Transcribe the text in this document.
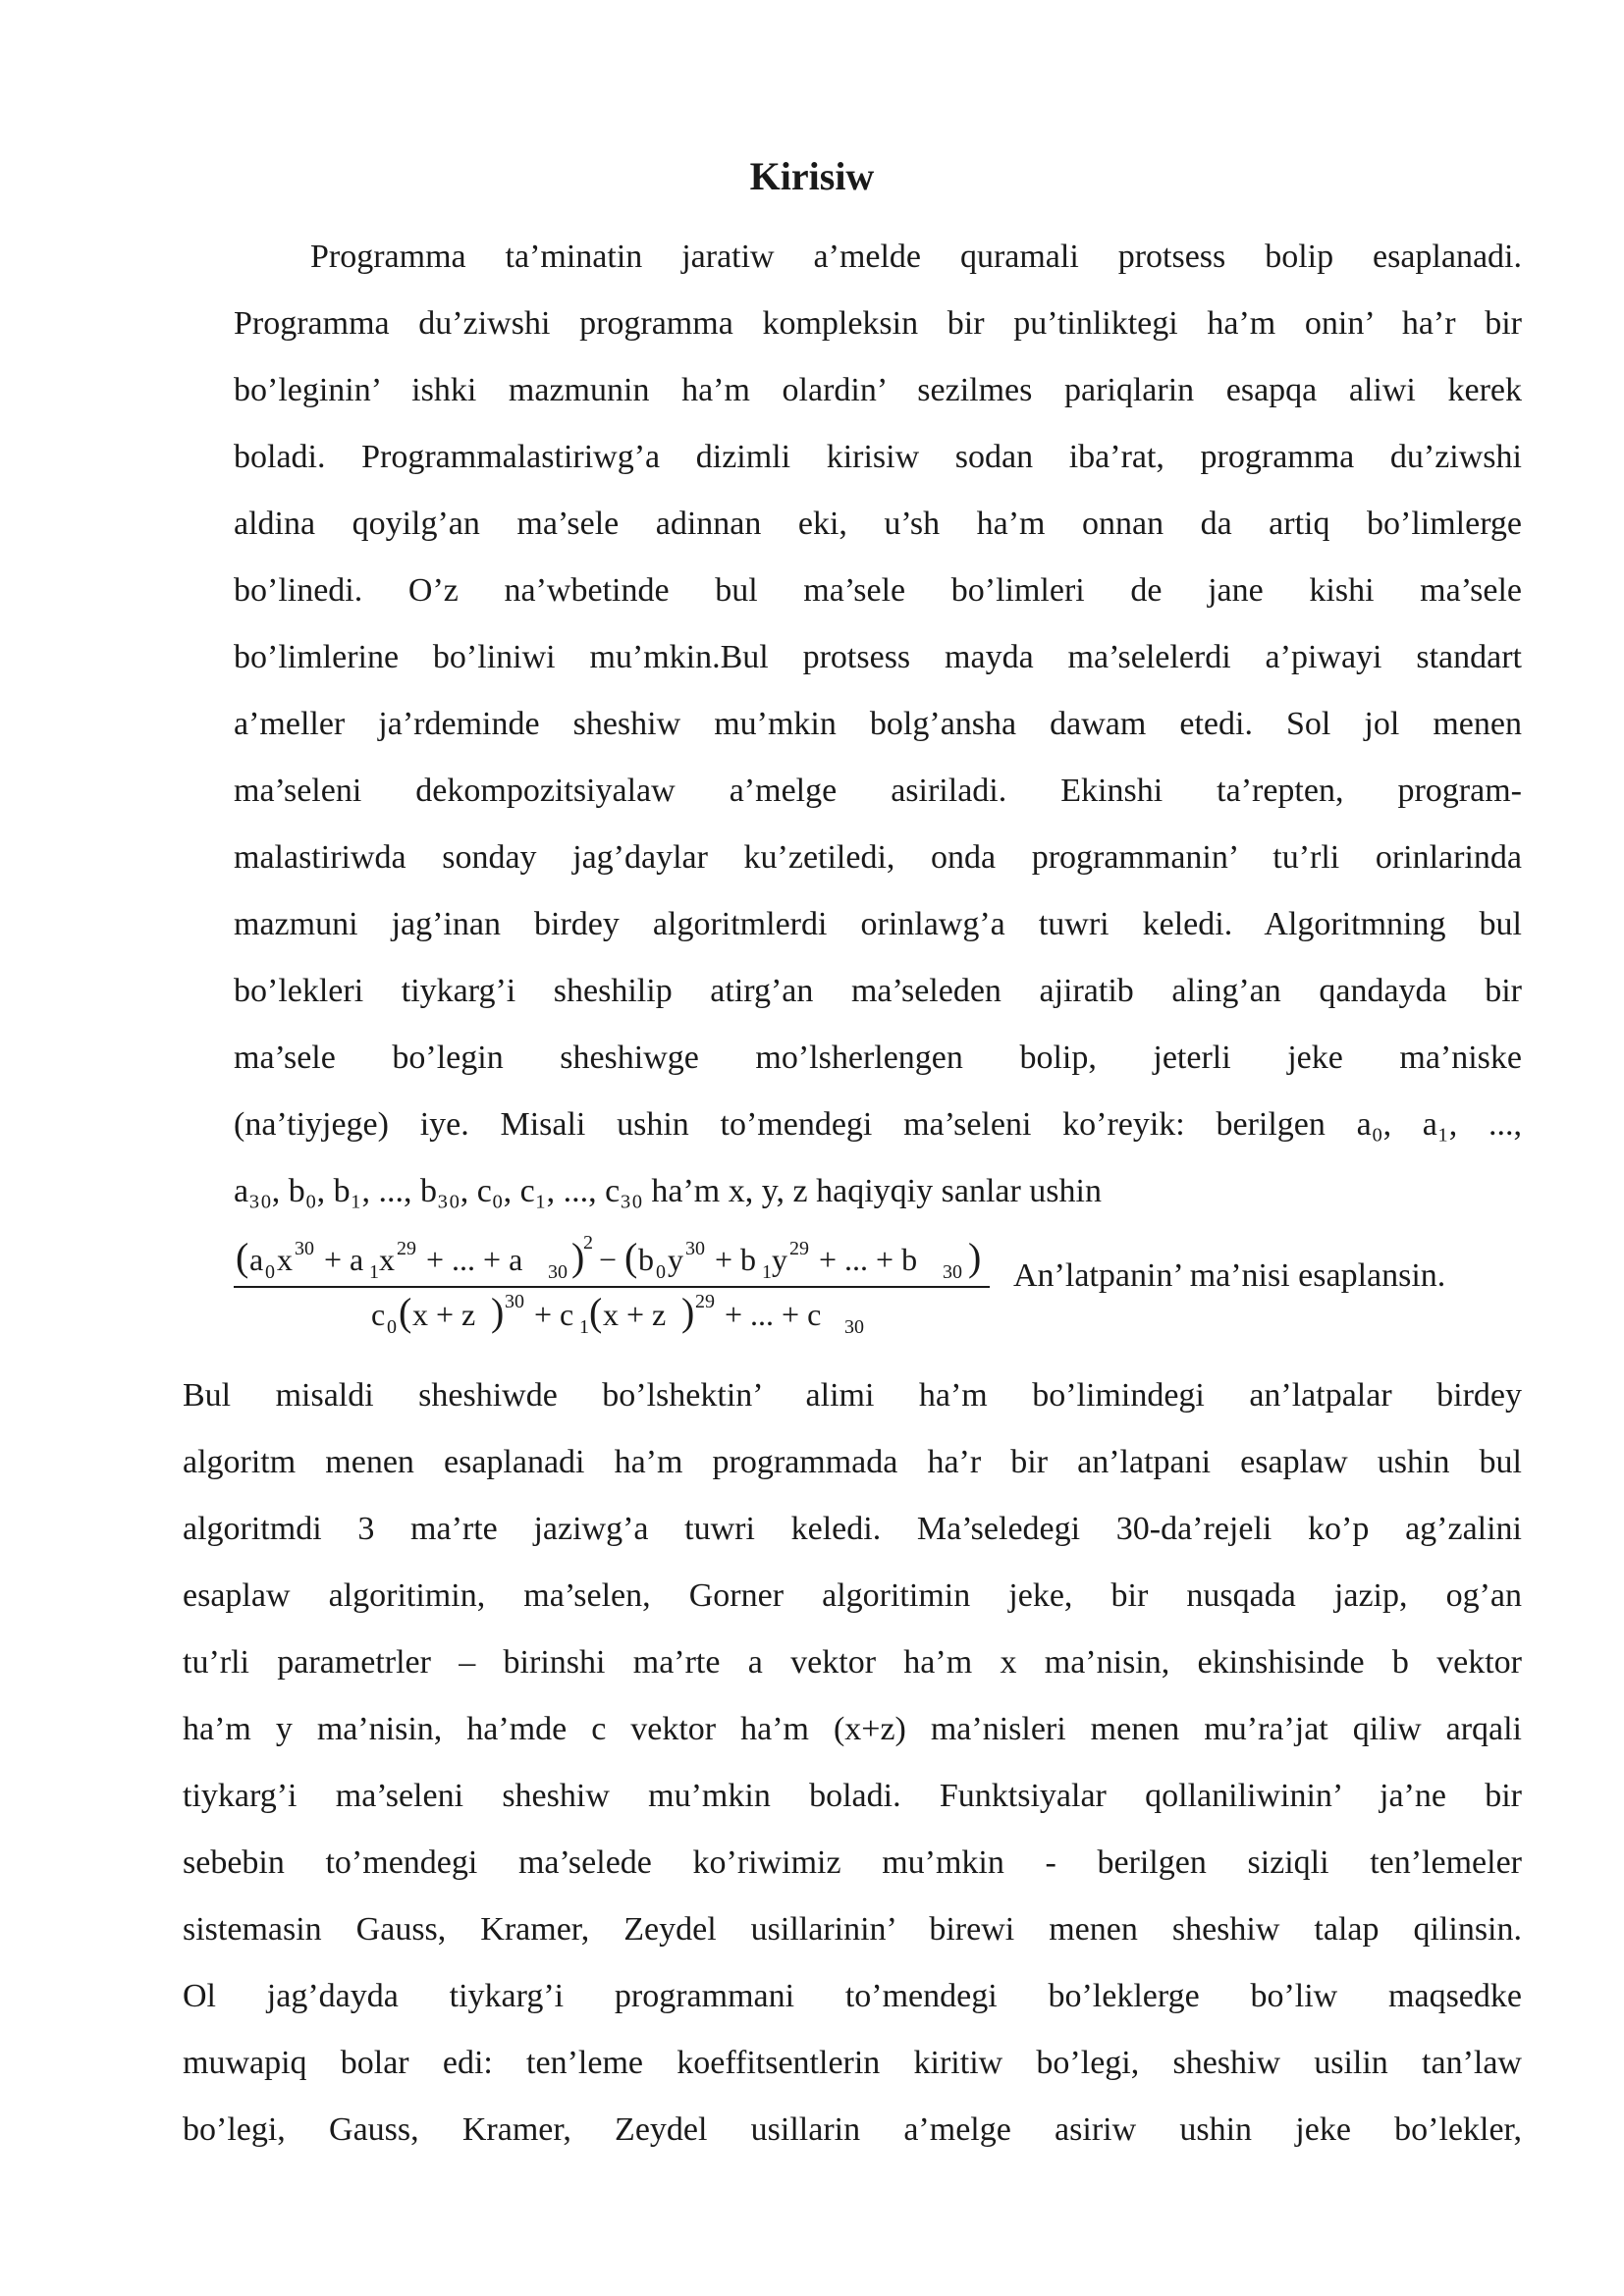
Kirisiw
Programma ta’minatin jaratiw a’melde quramali protsess bolip esaplanadi.
Programma du’ziwshi programma kompleksin bir pu’tinliktegi ha’m onin’ ha’r bir
bo’leginin’ ishki mazmunin ha’m olardin’ sezilmes pariqlarin esapqa aliwi kerek
boladi. Programmalastiriwg’a dizimli kirisiw sodan iba’rat, programma du’ziwshi
aldina qoyilg’an ma’sele adinnan eki, u’sh ha’m onnan da artiq bo’limlerge
bo’linedi. O’z na’wbetinde bul ma’sele bo’limleri de jane kishi ma’sele
bo’limlerine bo’liniwi mu’mkin.Bul protsess mayda ma’selelerdi a’piwayi standart
a’meller ja’rdeminde sheshiw mu’mkin bolg’ansha dawam etedi. Sol jol menen
ma’seleni dekompozitsiyalaw a’melge asiriladi. Ekinshi ta’repten, program-
malastiriwda sonday jag’daylar ku’zetiledi, onda programmanin’ tu’rli orinlarinda
mazmuni jag’inan birdey algoritmlerdi orinlawg’a tuwri keledi. Algoritmning bul
bo’lekleri tiykarg’i sheshilip atirg’an ma’seleden ajiratib aling’an qandayda bir
ma’sele bo’legin sheshiwge mo’lsherlengen bolip, jeterli jeke ma’niske
(na’tiyjege) iye. Misali ushin to’mendegi ma’seleni ko’reyik: berilgen a₀, a₁, ...,
a₃₀, b₀, b₁, ..., b₃₀, c₀, c₁, ..., c₃₀ ha’m x, y, z haqiyqiy sanlar ushin
( a 0 x 30 + a 1 x 29 + ... + a 30 )
2 − ( b 0 y 30 + b 1 y 29 + ... + b 30 )
c 0 ( x + z ) 30 + c 1 ( x + z ) 29 + ... + c 30
An’latpanin’ ma’nisi esaplansin.
Bul misaldi sheshiwde bo’lshektin’ alimi ha’m bo’limindegi an’latpalar birdey
algoritm menen esaplanadi ha’m programmada ha’r bir an’latpani esaplaw ushin bul
algoritmdi 3 ma’rte jaziwg’a tuwri keledi. Ma’seledegi 30-da’rejeli ko’p ag’zalini
esaplaw algoritimin, ma’selen, Gorner algoritimin jeke, bir nusqada jazip, og’an
tu’rli parametrler – birinshi ma’rte a vektor ha’m x ma’nisin, ekinshisinde b vektor
ha’m y ma’nisin, ha’mde c vektor ha’m (x+z) ma’nisleri menen mu’ra’jat qiliw arqali
tiykarg’i ma’seleni sheshiw mu’mkin boladi. Funktsiyalar qollaniliwinin’ ja’ne bir
sebebin to’mendegi ma’selede ko’riwimiz mu’mkin - berilgen siziqli ten’lemeler
sistemasin Gauss, Kramer, Zeydel usillarinin’ birewi menen sheshiw talap qilinsin.
Ol jag’dayda tiykarg’i programmani to’mendegi bo’leklerge bo’liw maqsedke
muwapiq bolar edi: ten’leme koeffitsentlerin kiritiw bo’legi, sheshiw usilin tan’law
bo’legi, Gauss, Kramer, Zeydel usillarin a’melge asiriw ushin jeke bo’lekler,
